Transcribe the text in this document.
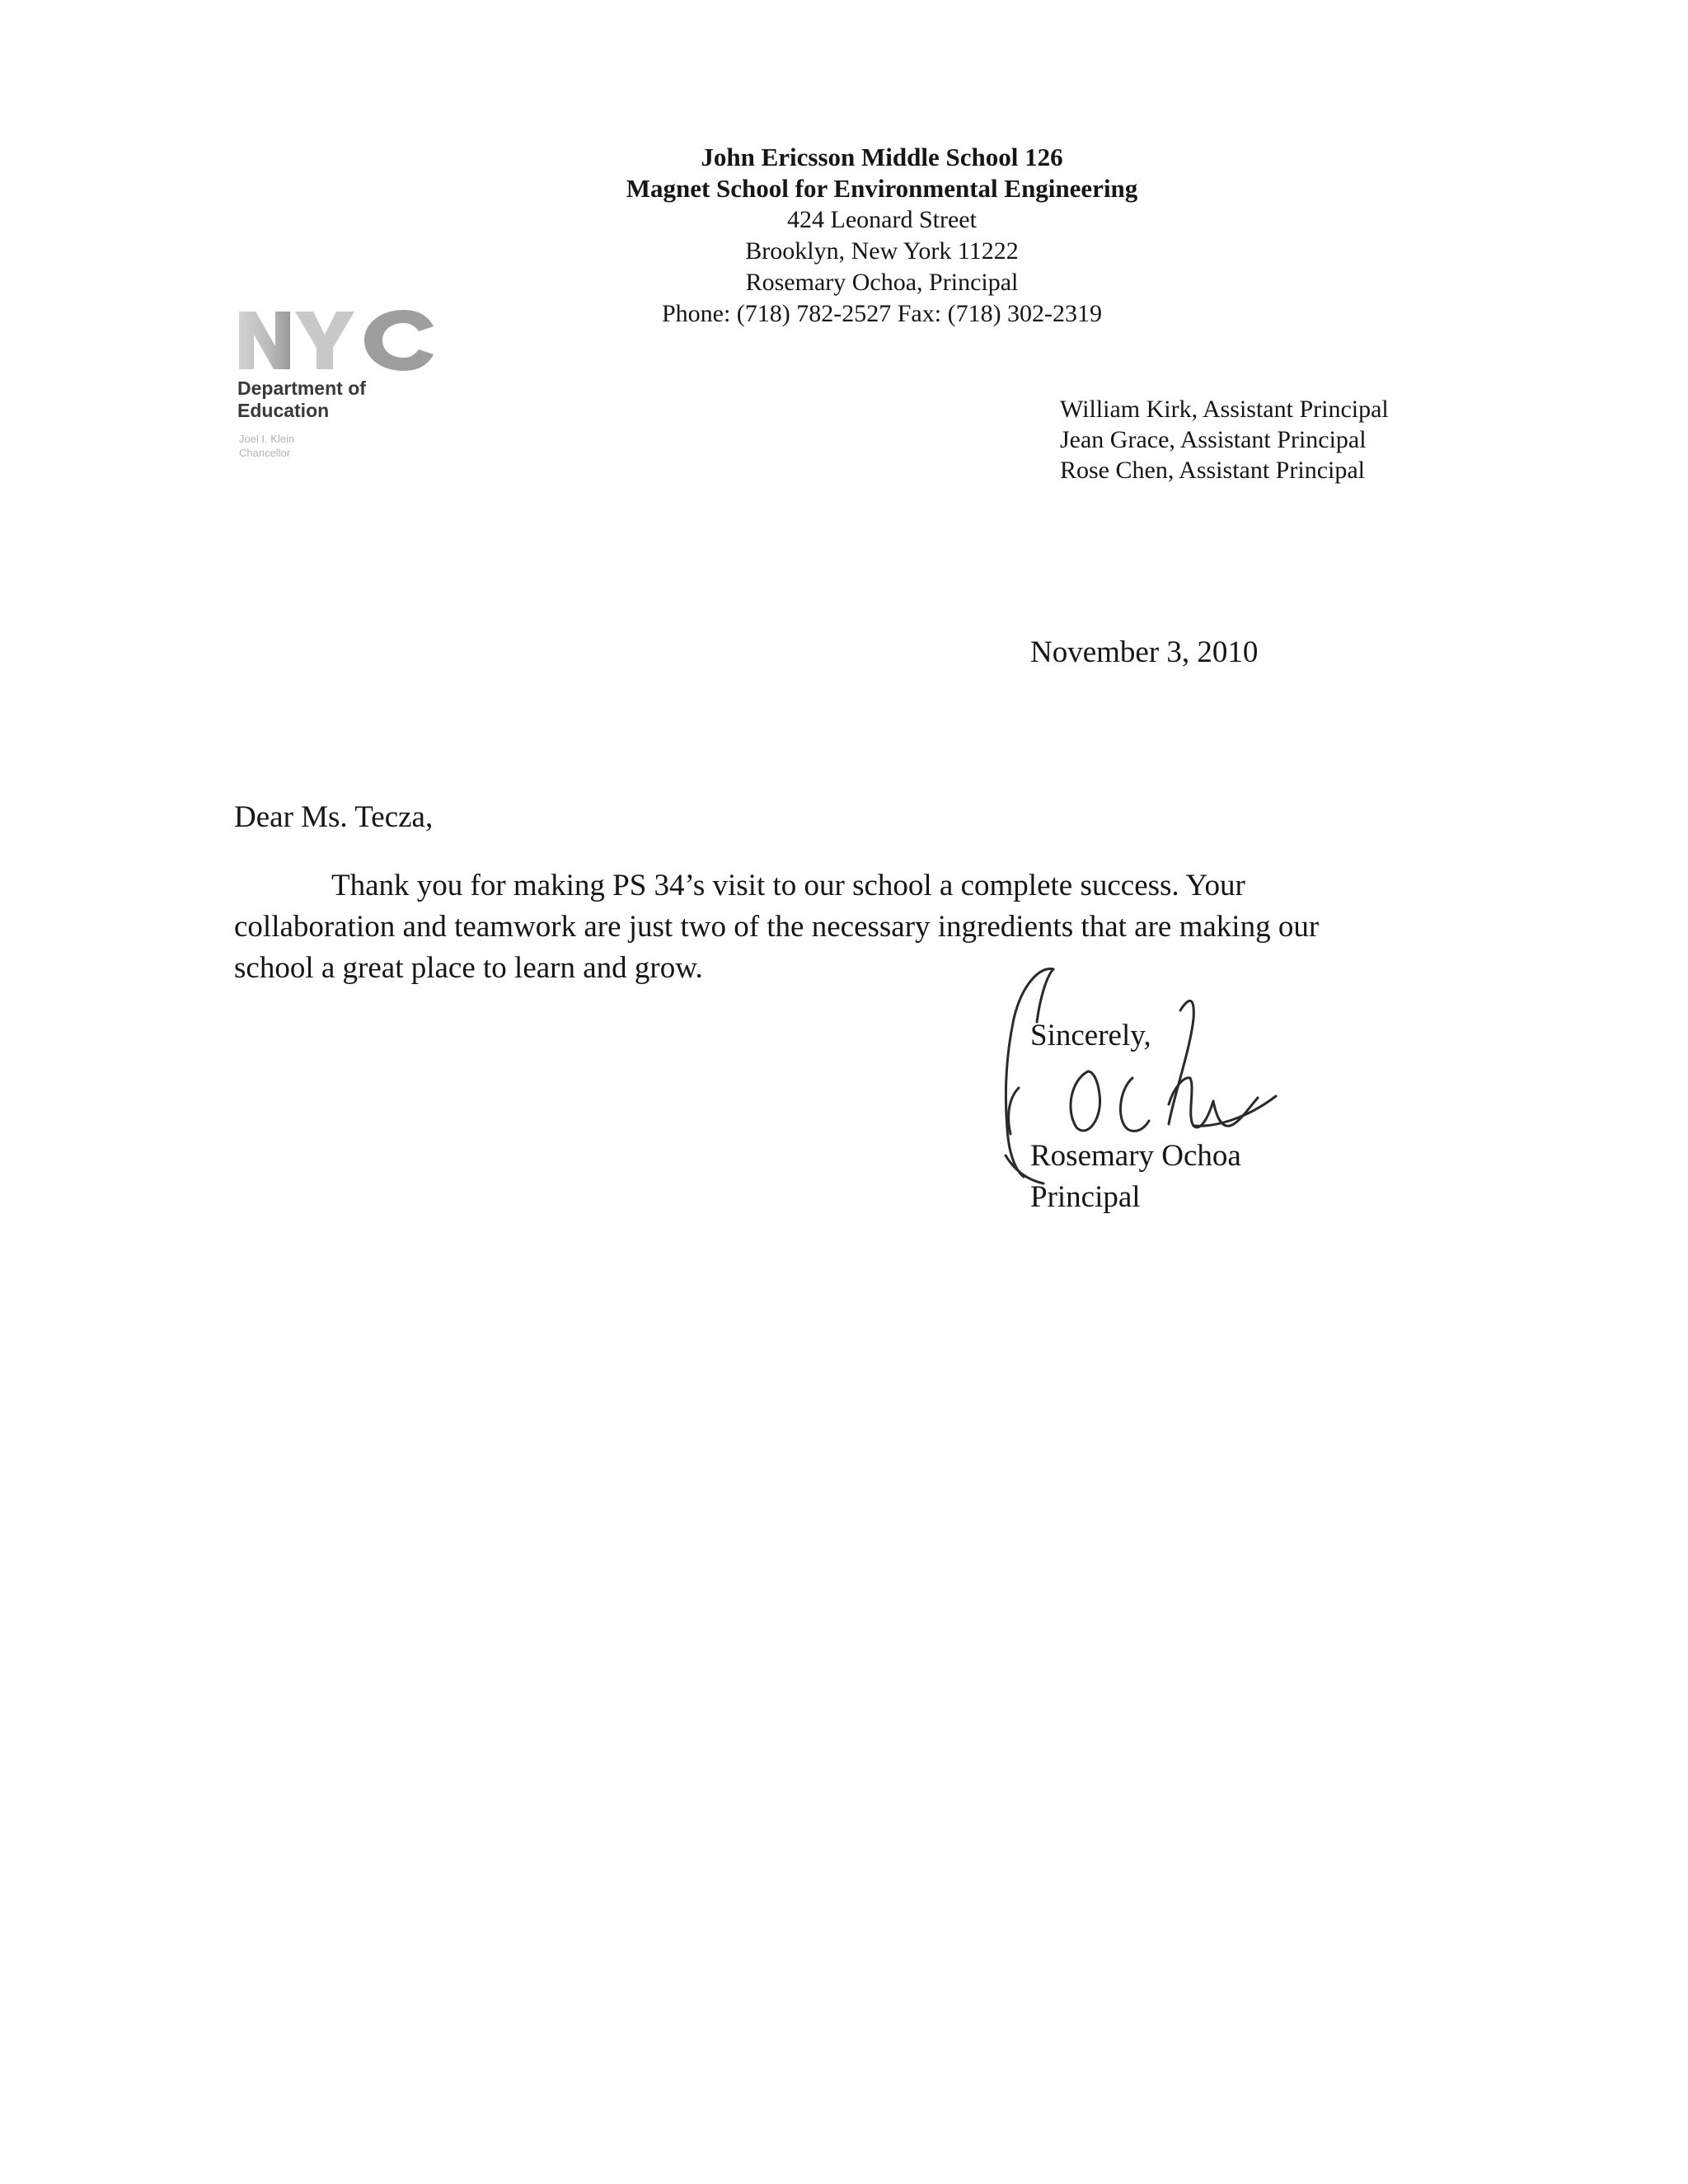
John Ericsson Middle School 126
Magnet School for Environmental Engineering
424 Leonard Street
Brooklyn, New York 11222
Rosemary Ochoa, Principal
Phone: (718) 782-2527 Fax: (718) 302-2319
Department of
Education
Joel I. Klein
Chancellor
William Kirk, Assistant Principal
Jean Grace, Assistant Principal
Rose Chen, Assistant Principal
November 3, 2010
Dear Ms. Tecza,
Thank you for making PS 34’s visit to our school a complete success. Your
collaboration and teamwork are just two of the necessary ingredients that are making our
school a great place to learn and grow.
Sincerely,
Rosemary Ochoa
Principal
